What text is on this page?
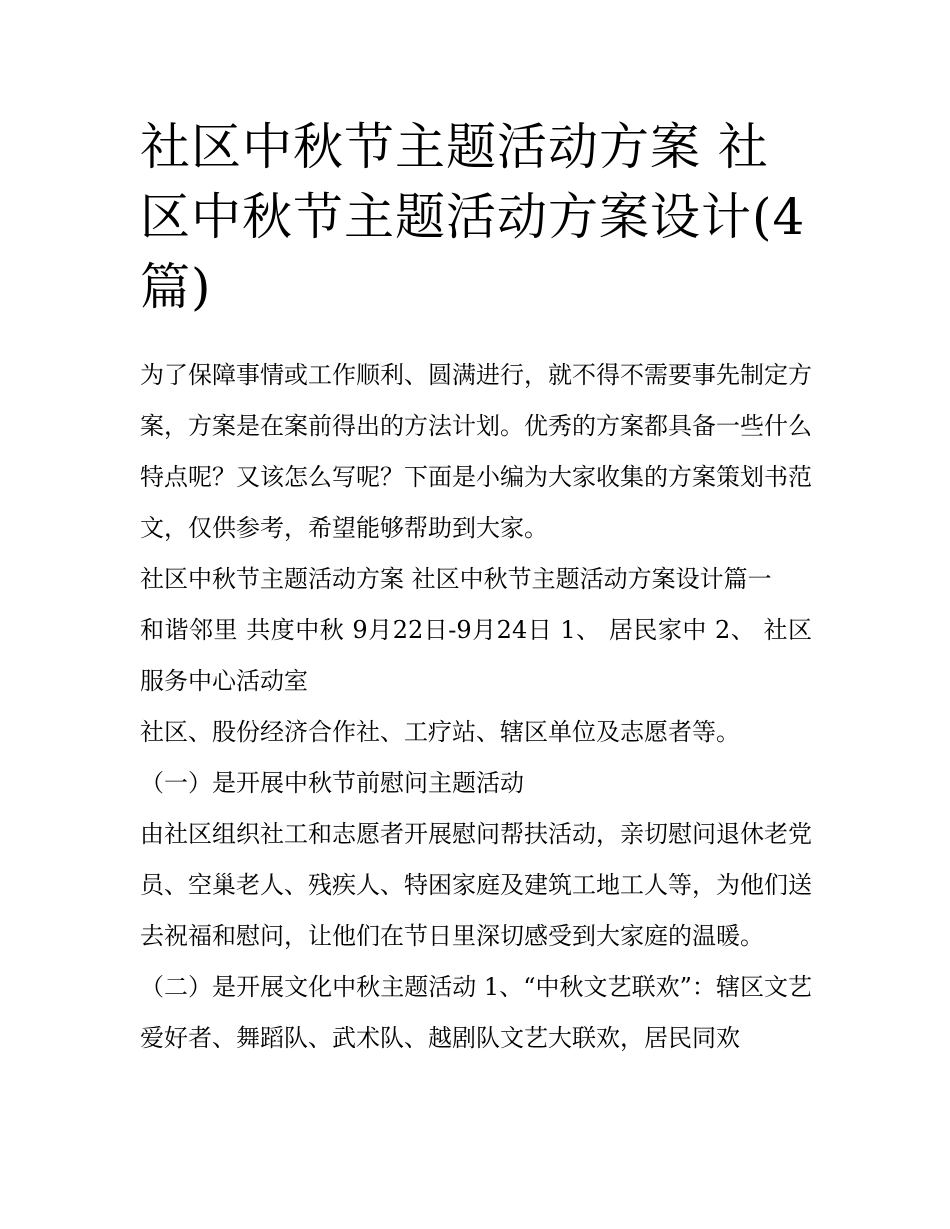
社区中秋节主题活动方案 社区中秋节主题活动方案设计(4篇)

为了保障事情或工作顺利、圆满进行，就不得不需要事先制定方案，方案是在案前得出的方法计划。优秀的方案都具备一些什么特点呢？又该怎么写呢？下面是小编为大家收集的方案策划书范文，仅供参考，希望能够帮助到大家。

社区中秋节主题活动方案 社区中秋节主题活动方案设计篇一

和谐邻里 共度中秋 9月22日-9月24日 1、 居民家中 2、 社区服务中心活动室

社区、股份经济合作社、工疗站、辖区单位及志愿者等。

（一）是开展中秋节前慰问主题活动

由社区组织社工和志愿者开展慰问帮扶活动，亲切慰问退休老党员、空巢老人、残疾人、特困家庭及建筑工地工人等，为他们送去祝福和慰问，让他们在节日里深切感受到大家庭的温暖。

（二）是开展文化中秋主题活动 1、“中秋文艺联欢”：辖区文艺爱好者、舞蹈队、武术队、越剧队文艺大联欢，居民同欢
